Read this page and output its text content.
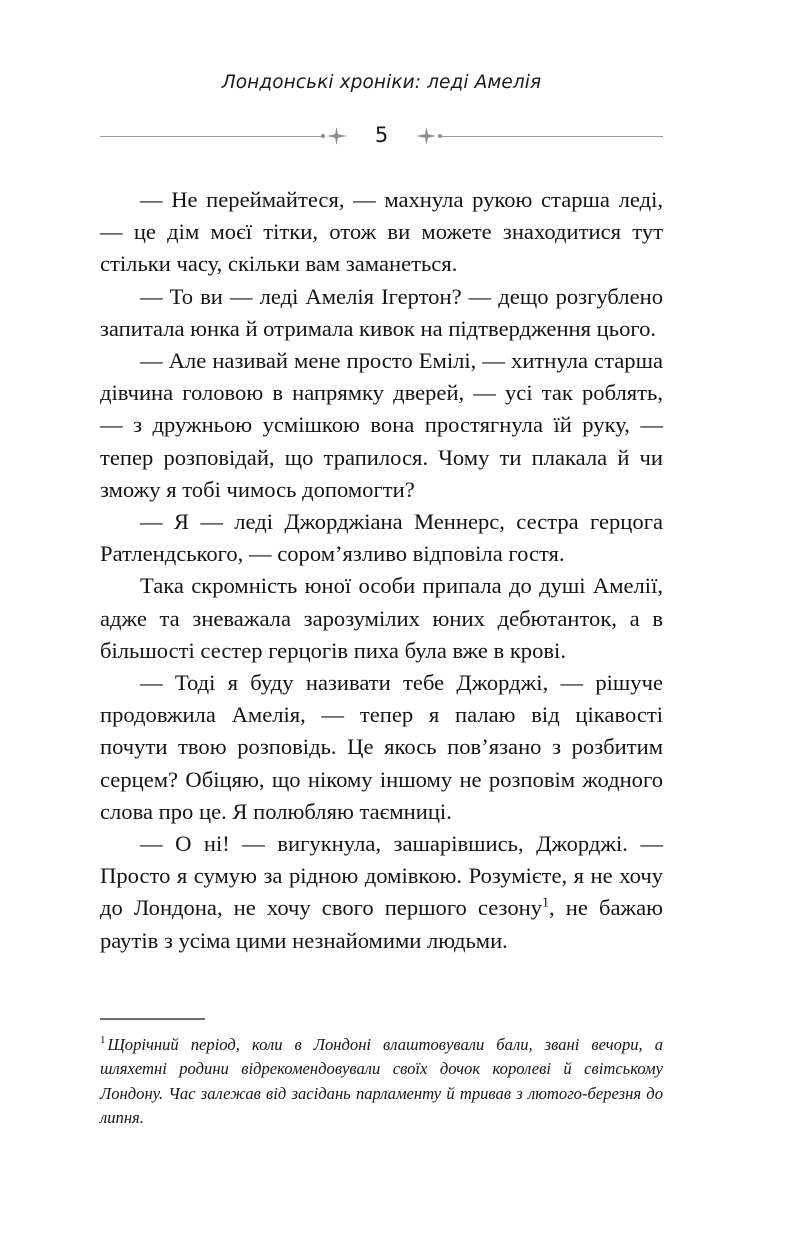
Лондонські хроніки: леді Амелія
5

— Не переймайтеся, — махнула рукою старша леді, — це дім моєї тітки, отож ви можете знаходитися тут стільки часу, скільки вам заманеться.

— То ви — леді Амелія Ігертон? — дещо розгублено запитала юнка й отримала кивок на підтвердження цього.

— Але називай мене просто Емілі, — хитнула старша дівчина головою в напрямку дверей, — усі так роблять, — з дружньою усмішкою вона простягнула їй руку, — тепер розповідай, що трапилося. Чому ти плакала й чи зможу я тобі чимось допомогти?

— Я — леді Джорджіана Меннерс, сестра герцога Ратлендського, — сором’язливо відповіла гостя.

Така скромність юної особи припала до душі Амелії, адже та зневажала зарозумілих юних дебютанток, а в більшості сестер герцогів пиха була вже в крові.

— Тоді я буду називати тебе Джорджі, — рішуче продовжила Амелія, — тепер я палаю від цікавості почути твою розповідь. Це якось пов’язано з розбитим серцем? Обіцяю, що нікому іншому не розповім жодного слова про це. Я полюбляю таємниці.

— О ні! — вигукнула, зашарівшись, Джорджі. — Просто я сумую за рідною домівкою. Розумієте, я не хочу до Лондона, не хочу свого першого сезону$^1$, не бажаю раутів з усіма цими незнайомими людьми.

$^1$ Щорічний період, коли в Лондоні влаштовували бали, звані вечори, а шляхетні родини відрекомендовували своїх дочок королеві й світському Лондону. Час залежав від засідань парламенту й тривав з лютого-березня до липня.
